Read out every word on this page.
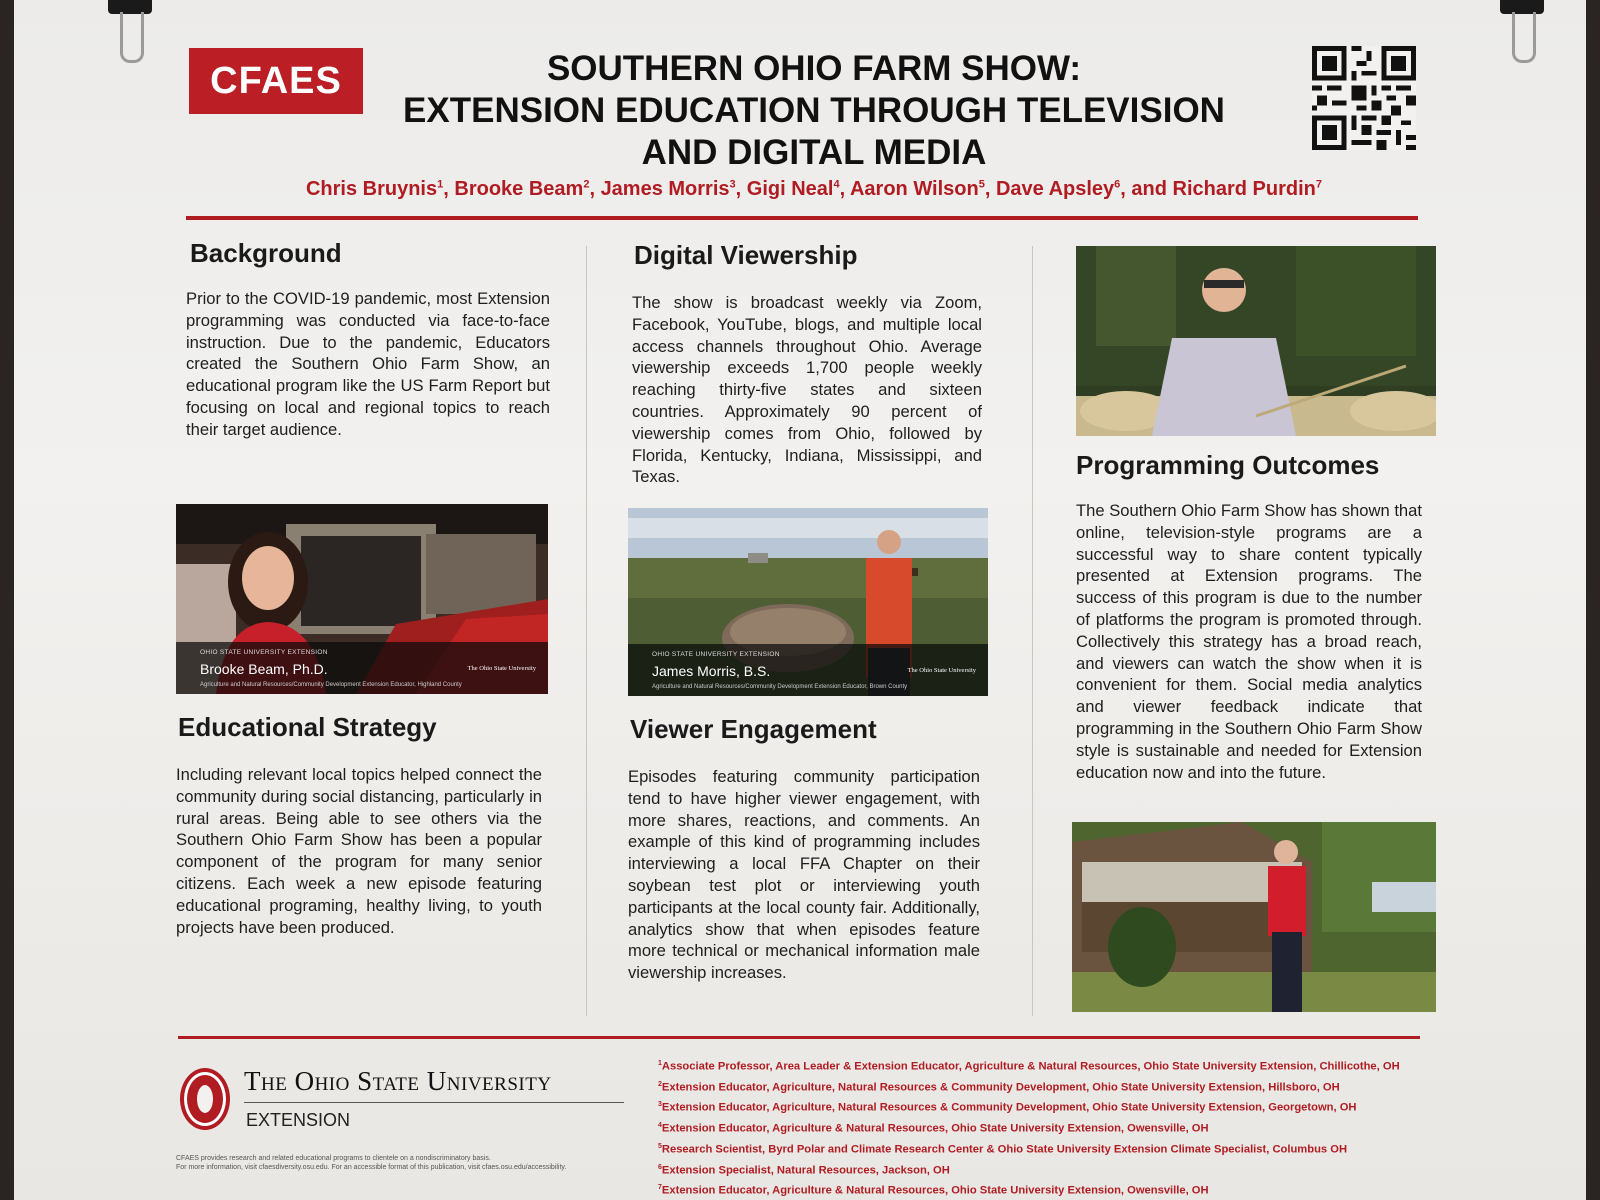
CFAES	SOUTHERN OHIO FARM SHOW:
EXTENSION EDUCATION THROUGH TELEVISION
AND DIGITAL MEDIA
Chris Bruynis$^1$, Brooke Beam$^2$, James Morris$^3$, Gigi Neal$^4$, Aaron Wilson$^5$, Dave Apsley$^6$, and Richard Purdin$^7$
Background

Prior to the COVID-19 pandemic, most Extension programming was conducted via face-to-face instruction. Due to the pandemic, Educators created the Southern Ohio Farm Show, an educational program like the US Farm Report but focusing on local and regional topics to reach their target audience.

OHIO STATE UNIVERSITY EXTENSION
Brooke Beam, Ph.D.
Agriculture and Natural Resources/Community Development Extension Educator, Highland County
The Ohio State University
Educational Strategy

Including relevant local topics helped connect the community during social distancing, particularly in rural areas. Being able to see others via the Southern Ohio Farm Show has been a popular component of the program for many senior citizens. Each week a new episode featuring educational programing, healthy living, to youth projects have been produced.

Digital Viewership

The show is broadcast weekly via Zoom, Facebook, YouTube, blogs, and multiple local access channels throughout Ohio. Average viewership exceeds 1,700 people weekly reaching thirty-five states and sixteen countries. Approximately 90 percent of viewership comes from Ohio, followed by Florida, Kentucky, Indiana, Mississippi, and Texas.

OHIO STATE UNIVERSITY EXTENSION
James Morris, B.S.
Agriculture and Natural Resources/Community Development Extension Educator, Brown County
The Ohio State University
Viewer Engagement

Episodes featuring community participation tend to have higher viewer engagement, with more shares, reactions, and comments. An example of this kind of programming includes interviewing a local FFA Chapter on their soybean test plot or interviewing youth participants at the local county fair. Additionally, analytics show that when episodes feature more technical or mechanical information male viewership increases.

Programming Outcomes

The Southern Ohio Farm Show has shown that online, television-style programs are a successful way to share content typically presented at Extension programs. The success of this program is due to the number of platforms the program is promoted through. Collectively this strategy has a broad reach, and viewers can watch the show when it is convenient for them. Social media analytics and viewer feedback indicate that programming in the Southern Ohio Farm Show style is sustainable and needed for Extension education now and into the future.

The Ohio State University
EXTENSION
CFAES provides research and related educational programs to clientele on a nondiscriminatory basis.
For more information, visit cfaesdiversity.osu.edu. For an accessible format of this publication, visit cfaes.osu.edu/accessibility.
$^1$Associate Professor, Area Leader & Extension Educator, Agriculture & Natural Resources, Ohio State University Extension, Chillicothe, OH
$^2$Extension Educator, Agriculture, Natural Resources & Community Development, Ohio State University Extension, Hillsboro, OH
$^3$Extension Educator, Agriculture, Natural Resources & Community Development, Ohio State University Extension, Georgetown, OH
$^4$Extension Educator, Agriculture & Natural Resources, Ohio State University Extension, Owensville, OH
$^5$Research Scientist, Byrd Polar and Climate Research Center & Ohio State University Extension Climate Specialist, Columbus OH
$^6$Extension Specialist, Natural Resources, Jackson, OH
$^7$Extension Educator, Agriculture & Natural Resources, Ohio State University Extension, Owensville, OH
